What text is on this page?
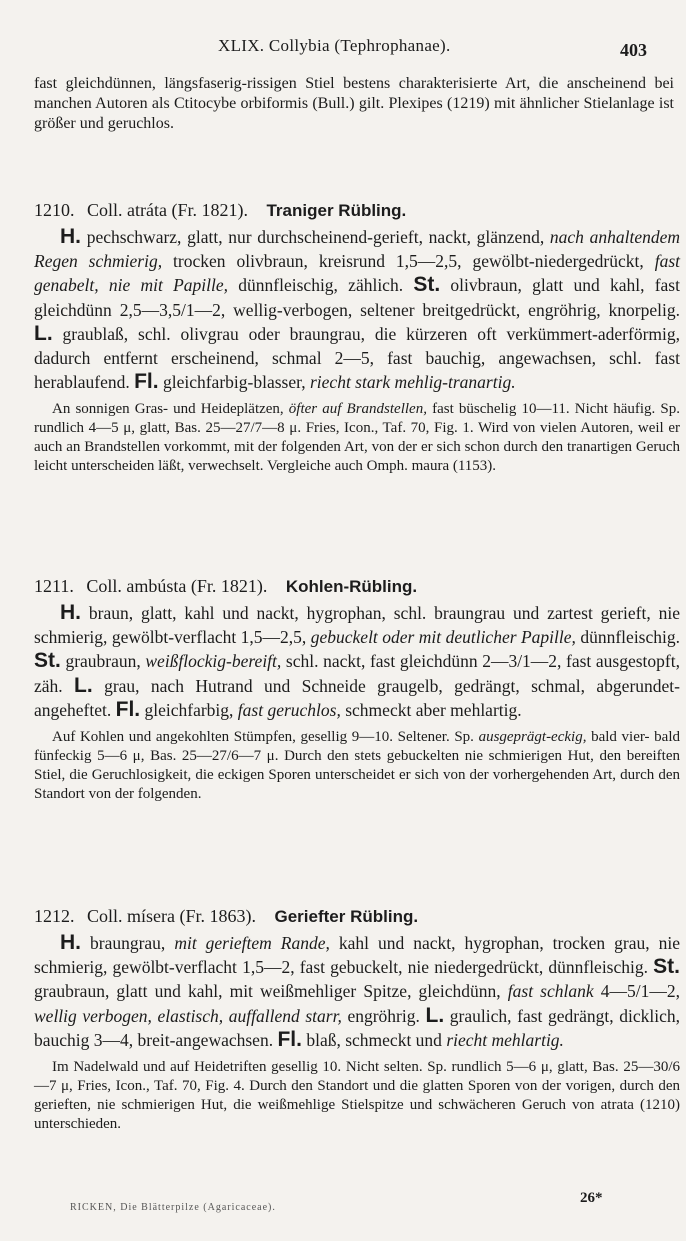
XLIX. Collybia (Tephrophanae).	403
fast gleichdünnen, längsfaserig-rissigen Stiel bestens charakterisierte Art, die anscheinend bei manchen Autoren als Ctitocybe orbiformis (Bull.) gilt. Plexipes (1219) mit ähnlicher Stielanlage ist größer und geruchlos.
1210. Coll. atráta (Fr. 1821). Traniger Rübling.
H. pechschwarz, glatt, nur durchscheinend-gerieft, nackt, glänzend, nach anhaltendem Regen schmierig, trocken olivbraun, kreisrund 1,5—2,5, gewölbt-niedergedrückt, fast genabelt, nie mit Papille, dünnfleischig, zählich. St. olivbraun, glatt und kahl, fast gleichdünn 2,5—3,5/1—2, wellig-verbogen, seltener breitgedrückt, engröhrig, knorpelig. L. graublaß, schl. olivgrau oder braungrau, die kürzeren oft verkümmert-aderförmig, dadurch entfernt erscheinend, schmal 2—5, fast bauchig, angewachsen, schl. fast herablaufend. Fl. gleichfarbig-blasser, riecht stark mehlig-tranartig.
An sonnigen Gras- und Heideplätzen, öfter auf Brandstellen, fast büschelig 10—11. Nicht häufig. Sp. rundlich 4—5 μ, glatt, Bas. 25—27/7—8 μ. Fries, Icon., Taf. 70, Fig. 1. Wird von vielen Autoren, weil er auch an Brandstellen vorkommt, mit der folgenden Art, von der er sich schon durch den tranartigen Geruch leicht unterscheiden läßt, verwechselt. Vergleiche auch Omph. maura (1153).
1211. Coll. ambústa (Fr. 1821). Kohlen-Rübling.
H. braun, glatt, kahl und nackt, hygrophan, schl. braungrau und zartest gerieft, nie schmierig, gewölbt-verflacht 1,5—2,5, gebuckelt oder mit deutlicher Papille, dünnfleischig. St. graubraun, weißflockig-bereift, schl. nackt, fast gleichdünn 2—3/1—2, fast ausgestopft, zäh. L. grau, nach Hutrand und Schneide graugelb, gedrängt, schmal, abgerundet-angeheftet. Fl. gleichfarbig, fast geruchlos, schmeckt aber mehlartig.
Auf Kohlen und angekohlten Stümpfen, gesellig 9—10. Seltener. Sp. ausgeprägt-eckig, bald vier- bald fünfeckig 5—6 μ, Bas. 25—27/6—7 μ. Durch den stets gebuckelten nie schmierigen Hut, den bereiften Stiel, die Geruchlosigkeit, die eckigen Sporen unterscheidet er sich von der vorhergehenden Art, durch den Standort von der folgenden.
1212. Coll. mísera (Fr. 1863). Geriefter Rübling.
H. braungrau, mit gerieftem Rande, kahl und nackt, hygrophan, trocken grau, nie schmierig, gewölbt-verflacht 1,5—2, fast gebuckelt, nie niedergedrückt, dünnfleischig. St. graubraun, glatt und kahl, mit weißmehliger Spitze, gleichdünn, fast schlank 4—5/1—2, wellig verbogen, elastisch, auffallend starr, engröhrig. L. graulich, fast gedrängt, dicklich, bauchig 3—4, breit-angewachsen. Fl. blaß, schmeckt und riecht mehlartig.
Im Nadelwald und auf Heidetriften gesellig 10. Nicht selten. Sp. rundlich 5—6 μ, glatt, Bas. 25—30/6—7 μ, Fries, Icon., Taf. 70, Fig. 4. Durch den Standort und die glatten Sporen von der vorigen, durch den gerieften, nie schmierigen Hut, die weißmehlige Stielspitze und schwächeren Geruch von atrata (1210) unterschieden.
RICKEN, Die Blätterpilze (Agaricaceae).
26*
